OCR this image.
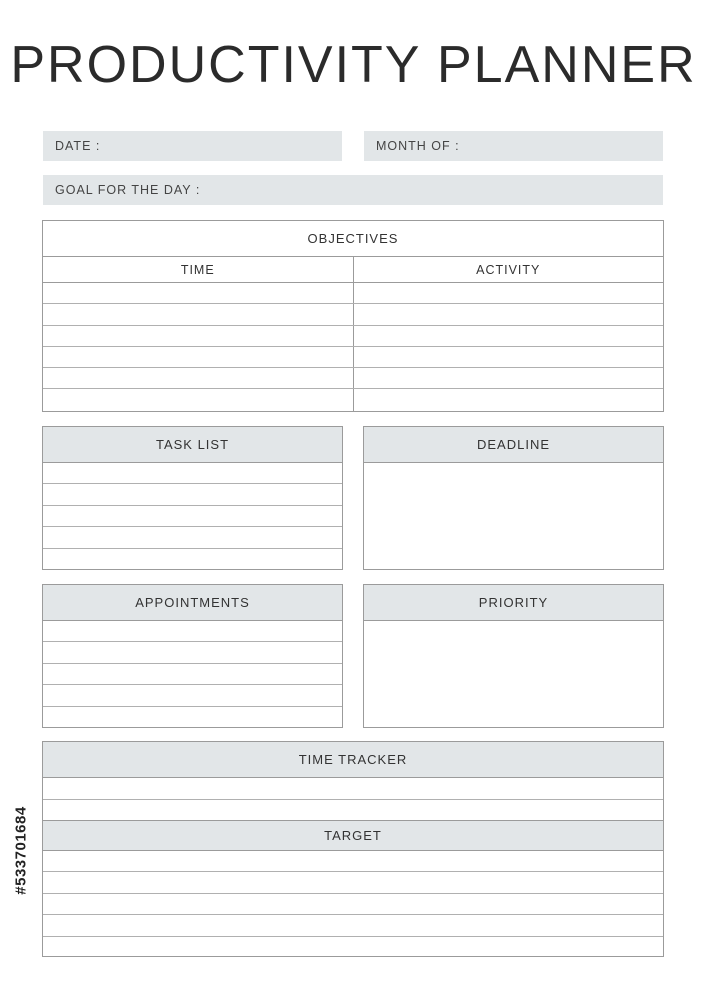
PRODUCTIVITY PLANNER
DATE :	MONTH OF :
GOAL FOR THE DAY :
OBJECTIVES
TIME	ACTIVITY
TASK LIST	DEADLINE
APPOINTMENTS	PRIORITY
TIME TRACKER
TARGET
#533701684
